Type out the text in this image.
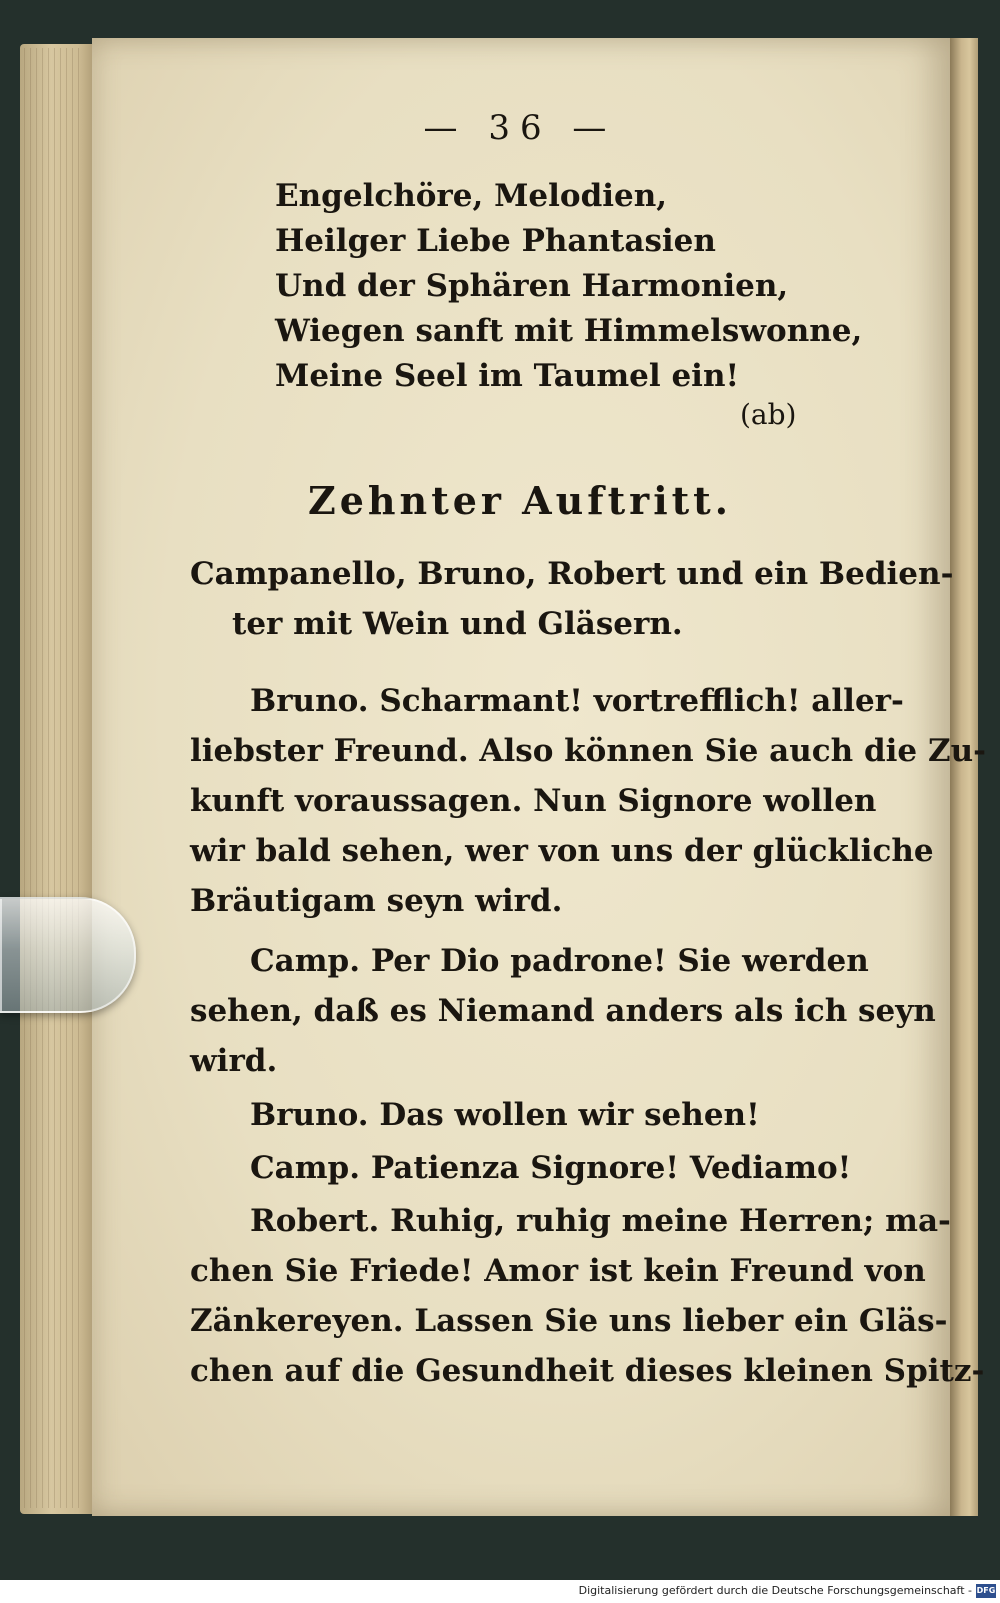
— 36 —
Engelchöre, Melodien,
Heilger Liebe Phantasien
Und der Sphären Harmonien,
Wiegen sanft mit Himmelswonne,
Meine Seel im Taumel ein!
(ab)
Zehnter Auftritt.
Campanello, Bruno, Robert und ein Bedien-
ter mit Wein und Gläsern.
Bruno. Scharmant! vortrefflich! aller-
liebster Freund. Also können Sie auch die Zu-
kunft voraussagen. Nun Signore wollen
wir bald sehen, wer von uns der glückliche
Bräutigam seyn wird.
Camp. Per Dio padrone! Sie werden
sehen, daß es Niemand anders als ich seyn
wird.
Bruno. Das wollen wir sehen!
Camp. Patienza Signore! Vediamo!
Robert. Ruhig, ruhig meine Herren; ma-
chen Sie Friede! Amor ist kein Freund von
Zänkereyen. Lassen Sie uns lieber ein Gläs-
chen auf die Gesundheit dieses kleinen Spitz-
Digitalisierung gefördert durch die Deutsche Forschungsgemeinschaft - DFG
